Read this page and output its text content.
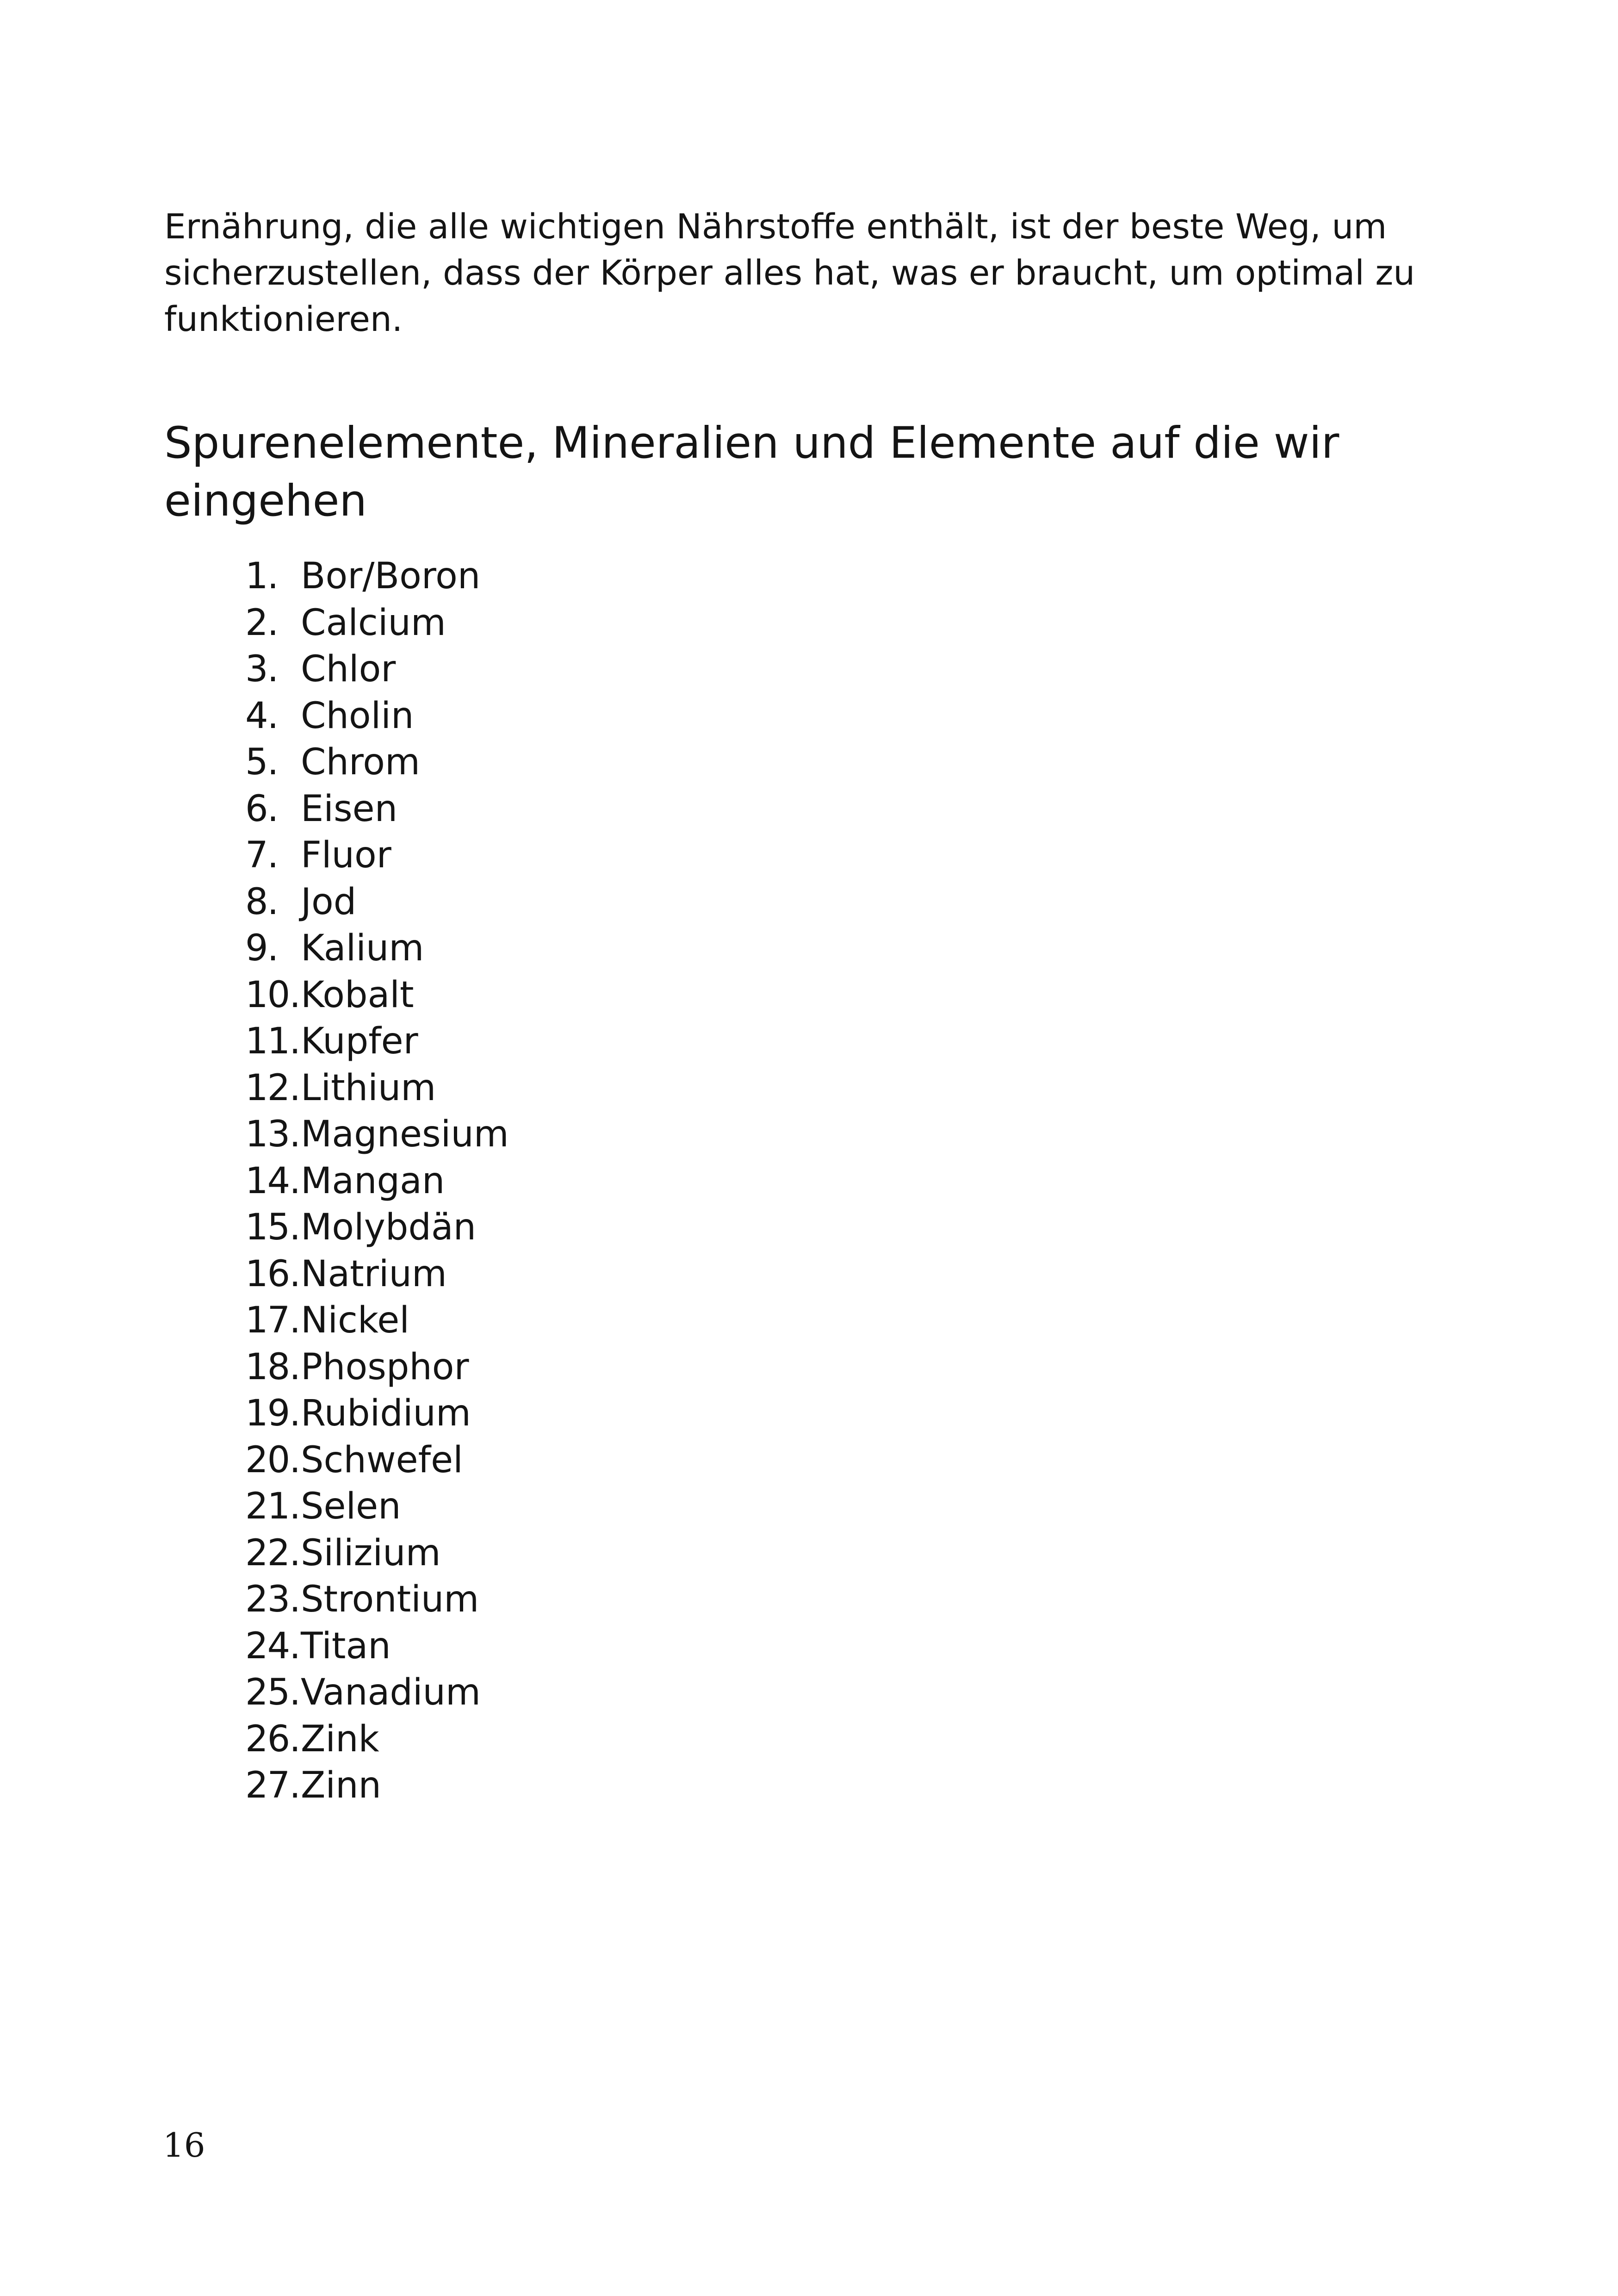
Ernährung, die alle wichtigen Nährstoffe enthält, ist der beste Weg, um
sicherzustellen, dass der Körper alles hat, was er braucht, um optimal zu
funktionieren.

Spurenelemente, Mineralien und Elemente auf die wir
eingehen
1. Bor/Boron
2. Calcium
3. Chlor
4. Cholin
5. Chrom
6. Eisen
7. Fluor
8. Jod
9. Kalium
10. Kobalt
11. Kupfer
12. Lithium
13. Magnesium
14. Mangan
15. Molybdän
16. Natrium
17. Nickel
18. Phosphor
19. Rubidium
20. Schwefel
21. Selen
22. Silizium
23. Strontium
24. Titan
25. Vanadium
26. Zink
27. Zinn
16
